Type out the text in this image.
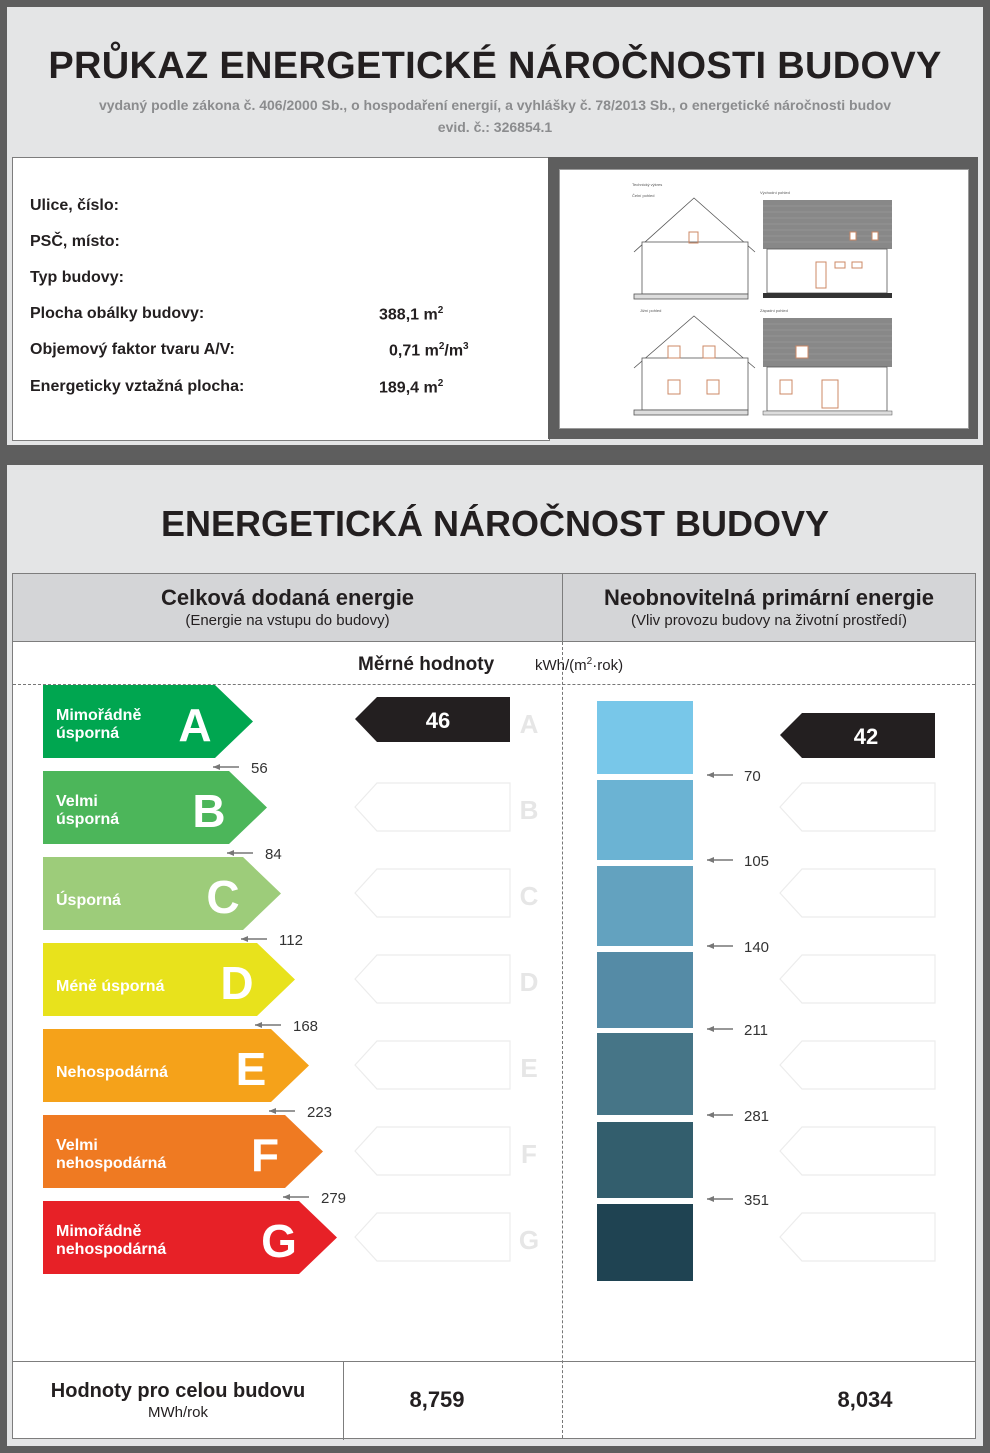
PRŮKAZ ENERGETICKÉ NÁROČNOSTI BUDOVY
vydaný podle zákona č. 406/2000 Sb., o hospodaření energií, a vyhlášky č. 78/2013 Sb., o energetické náročnosti budov
evid. č.: 326854.1
Ulice, číslo:
PSČ, místo:
Typ budovy:
Plocha obálky budovy:	388,1 $m^2$
Objemový faktor tvaru A/V:	0,71 $m^2/m^3$
Energeticky vztažná plocha:	189,4 $m^2$
Technický výkres
Čelní pohled
Východní pohled
Jižní pohled	Západní pohled
ENERGETICKÁ NÁROČNOST BUDOVY
Celková dodaná energie
(Energie na vstupu do budovy)
Neobnovitelná primární energie
(Vliv provozu budovy na životní prostředí)
Měrné hodnoty	kWh/$(m^2\cdot rok)$
Mimořádně
úsporná A	A
Velmi
úsporná B	B
Úsporná C	C
Méně úsporná D	D
Nehospodárná E	E
Velmi
nehospodárná F	F
Mimořádně
nehospodárná G	G
56
84
112
168
223
279
46
70
105
140
211
281
351
42
Hodnoty pro celou budovu
MWh/rok
8,759	8,034
